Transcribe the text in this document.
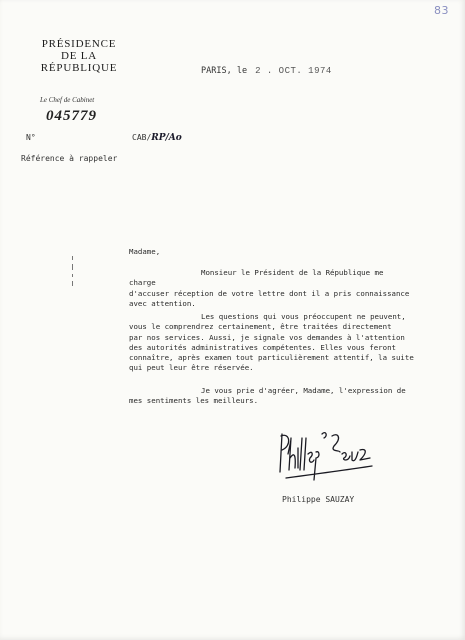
83
PRÉSIDENCE
DE LA
RÉPUBLIQUE
Le Chef de Cabinet
045779
N°	CAB/RP/Ao
Référence à rappeler
PARIS, le 2 . OCT. 1974
Madame,
Monsieur le Président de la République me charge
d'accuser réception de votre lettre dont il a pris connaissance
avec attention.
Les questions qui vous préoccupent ne peuvent,
vous le comprendrez certainement, être traitées directement
par nos services. Aussi, je signale vos demandes à l'attention
des autorités administratives compétentes. Elles vous feront
connaître, après examen tout particulièrement attentif, la suite
qui peut leur être réservée.
Je vous prie d'agréer, Madame, l'expression de
mes sentiments les meilleurs.
Philippe SAUZAY
